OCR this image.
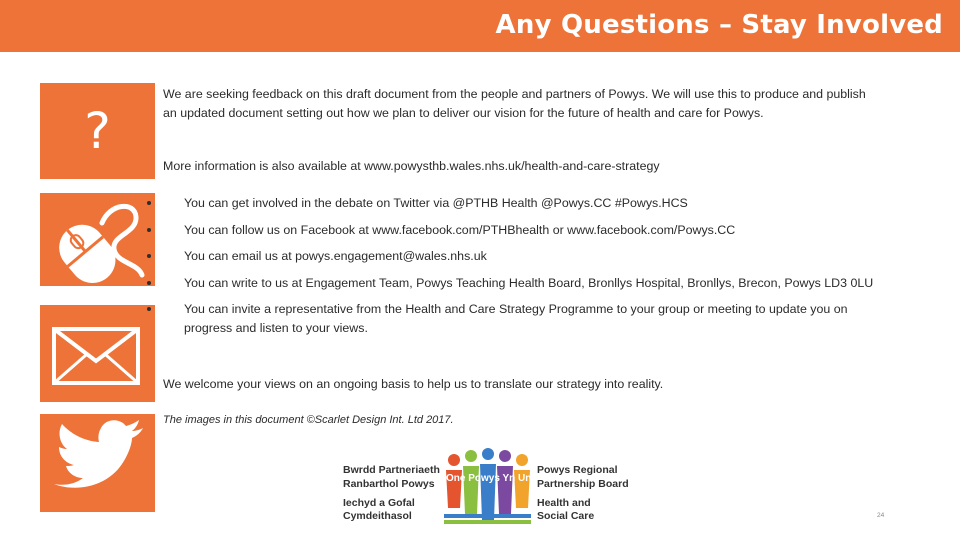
Any Questions – Stay Involved
?

We are seeking feedback on this draft document from the people and partners of Powys. We will use this to produce and publish an updated document setting out how we plan to deliver our vision for the future of health and care for Powys.

More information is also available at www.powysthb.wales.nhs.uk/health-and-care-strategy

You can get involved in the debate on Twitter via @PTHB Health @Powys.CC #Powys.HCS
You can follow us on Facebook at www.facebook.com/PTHBhealth or www.facebook.com/Powys.CC
You can email us at powys.engagement@wales.nhs.uk
You can write to us at Engagement Team, Powys Teaching Health Board, Bronllys Hospital, Bronllys, Brecon, Powys LD3 0LU
You can invite a representative from the Health and Care Strategy Programme to your group or meeting to update you on progress and listen to your views.

We welcome your views on an ongoing basis to help us to translate our strategy into reality.

The images in this document ©Scarlet Design Int. Ltd 2017.

Bwrdd Partneriaeth
Ranbarthol Powys
Iechyd a Gofal
Cymdeithasol
One Powys Yn Un
Powys Regional
Partnership Board
Health and
Social Care	24
